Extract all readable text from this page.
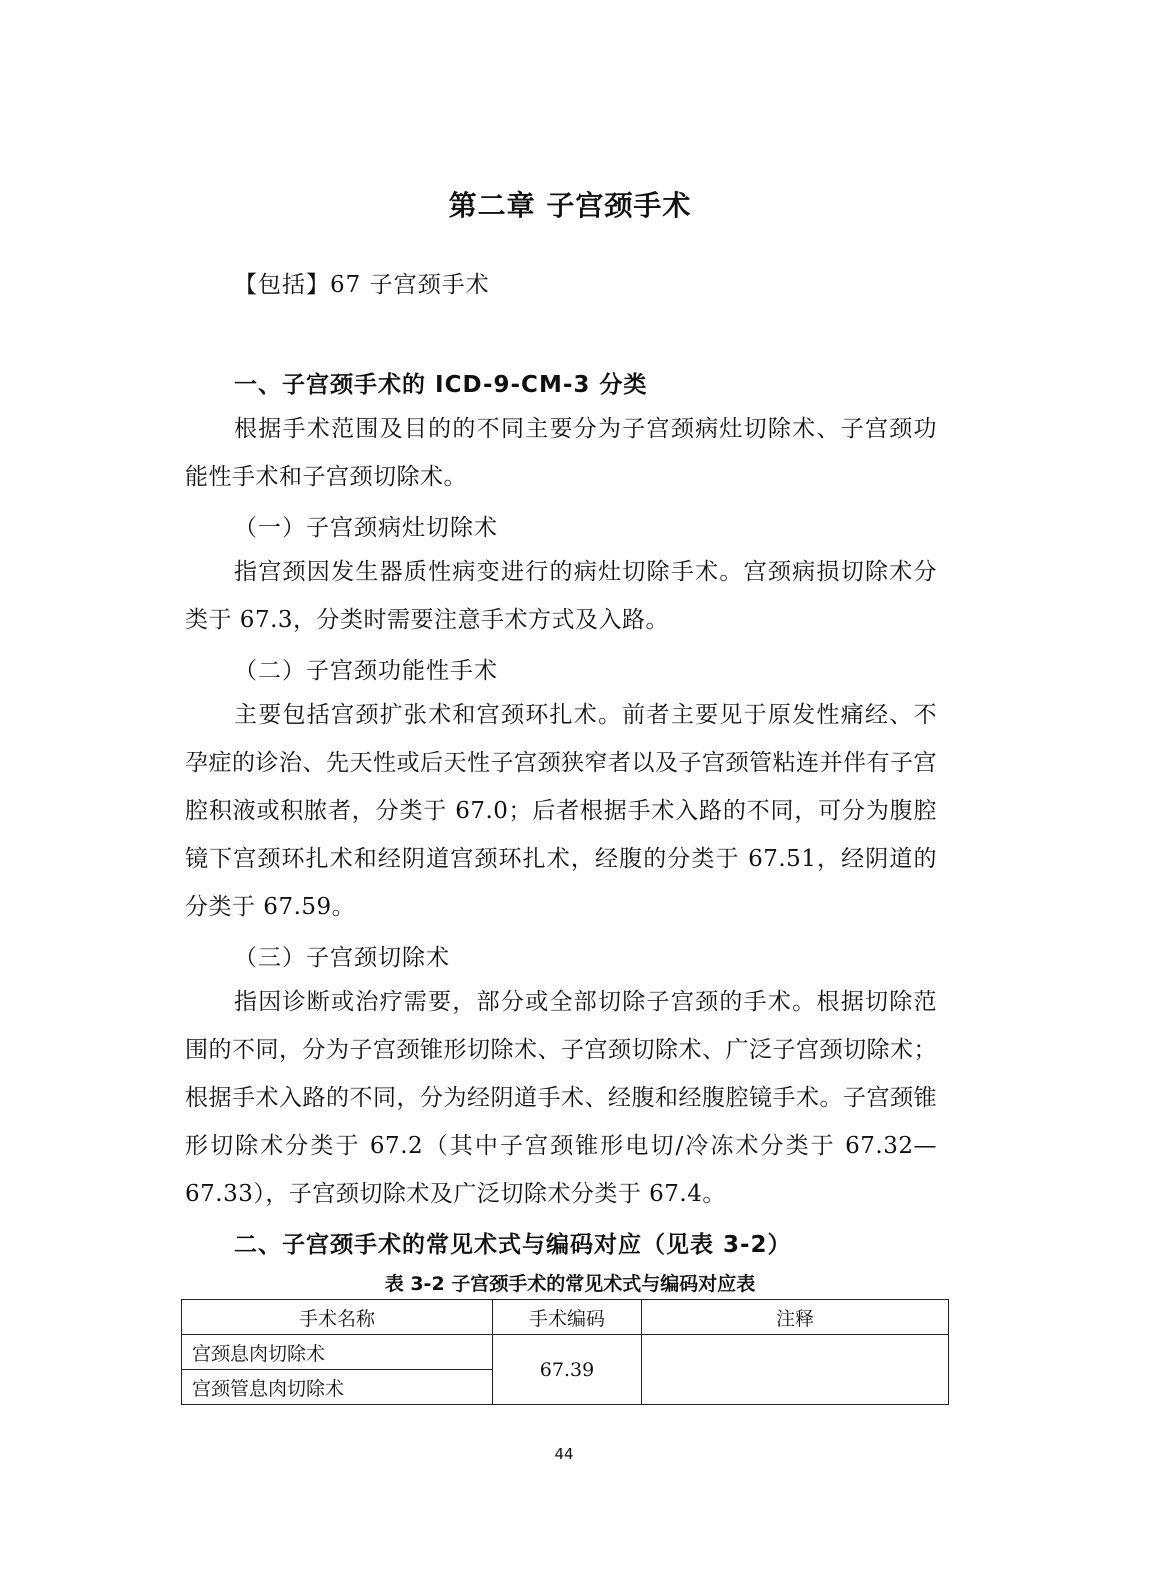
第二章 子宫颈手术
【包括】67 子宫颈手术
一、子宫颈手术的 ICD-9-CM-3 分类

根据手术范围及目的的不同主要分为子宫颈病灶切除术、子宫颈功能性手术和子宫颈切除术。

（一）子宫颈病灶切除术

指宫颈因发生器质性病变进行的病灶切除手术。宫颈病损切除术分类于 67.3，分类时需要注意手术方式及入路。

（二）子宫颈功能性手术

主要包括宫颈扩张术和宫颈环扎术。前者主要见于原发性痛经、不孕症的诊治、先天性或后天性子宫颈狭窄者以及子宫颈管粘连并伴有子宫腔积液或积脓者，分类于 67.0；后者根据手术入路的不同，可分为腹腔镜下宫颈环扎术和经阴道宫颈环扎术，经腹的分类于 67.51，经阴道的分类于 67.59。

（三）子宫颈切除术

指因诊断或治疗需要，部分或全部切除子宫颈的手术。根据切除范围的不同，分为子宫颈锥形切除术、子宫颈切除术、广泛子宫颈切除术；根据手术入路的不同，分为经阴道手术、经腹和经腹腔镜手术。子宫颈锥形切除术分类于 67.2（其中子宫颈锥形电切/冷冻术分类于 67.32—67.33），子宫颈切除术及广泛切除术分类于 67.4。

二、子宫颈手术的常见术式与编码对应（见表 3-2）
表 3-2 子宫颈手术的常见术式与编码对应表
手术名称	手术编码	注释
宫颈息肉切除术	67.39	
宫颈管息肉切除术		
44
